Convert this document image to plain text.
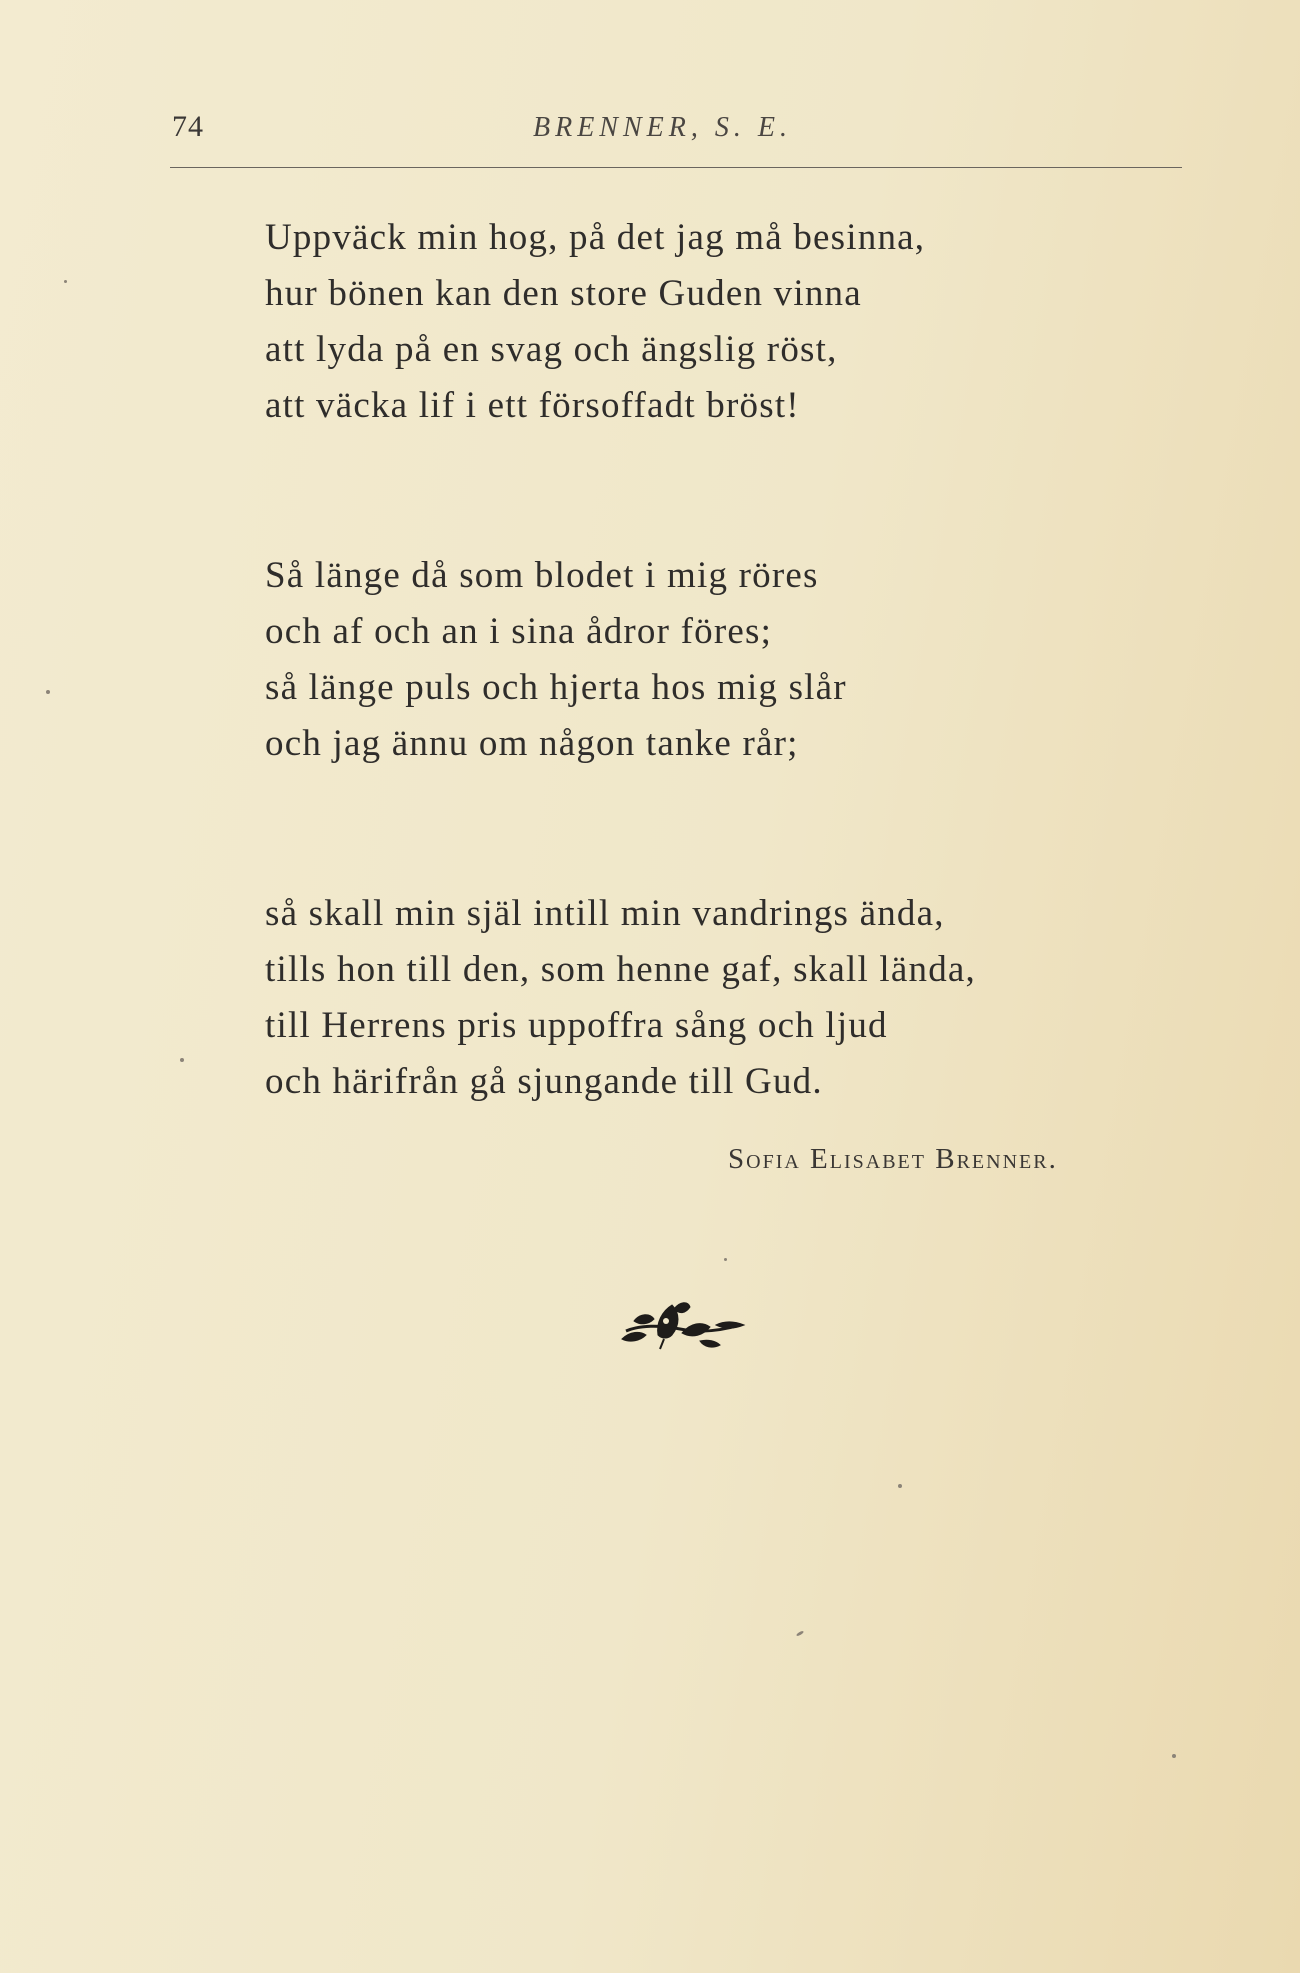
74	BRENNER, S. E.
Uppväck min hog, på det jag må besinna,
hur bönen kan den store Guden vinna
att lyda på en svag och ängslig röst,
att väcka lif i ett försoffadt bröst!
Så länge då som blodet i mig röres
och af och an i sina ådror föres;
så länge puls och hjerta hos mig slår
och jag ännu om någon tanke rår;
så skall min själ intill min vandrings ända,
tills hon till den, som henne gaf, skall lända,
till Herrens pris uppoffra sång och ljud
och härifrån gå sjungande till Gud.
Sofia Elisabet Brenner.
